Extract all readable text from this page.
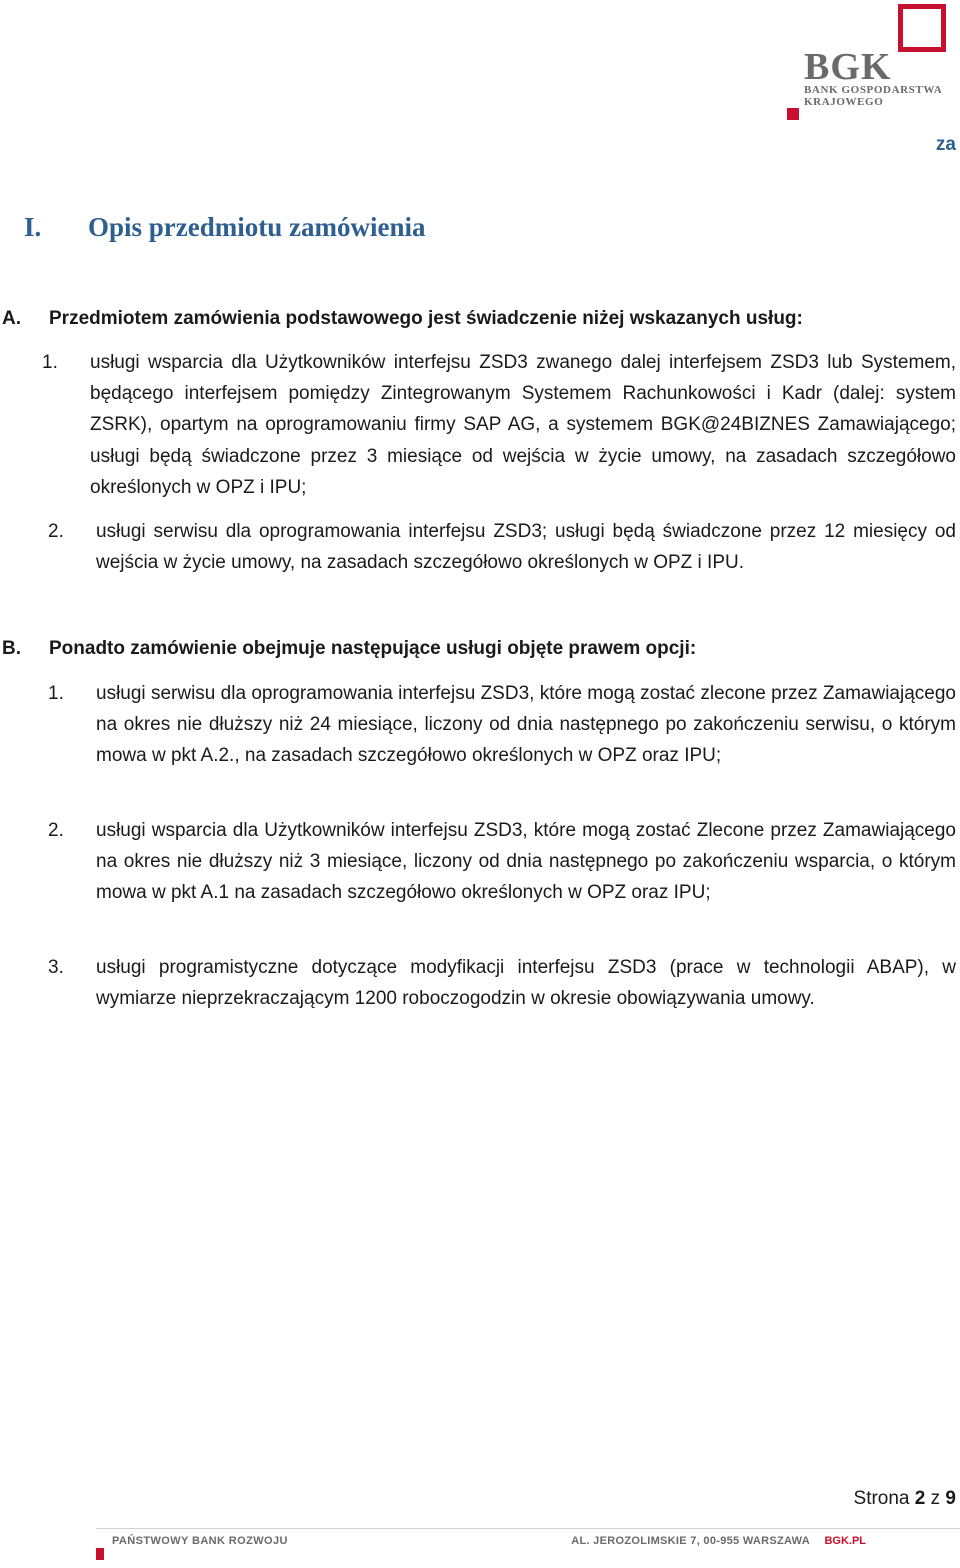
BGK
BANK GOSPODARSTWA
KRAJOWEGO
za
I.	Opis przedmiotu zamówienia
A.	Przedmiotem zamówienia podstawowego jest świadczenie niżej wskazanych usług:
1.	usługi wsparcia dla Użytkowników interfejsu ZSD3 zwanego dalej interfejsem ZSD3 lub Systemem, będącego interfejsem pomiędzy Zintegrowanym Systemem Rachunkowości i Kadr (dalej: system ZSRK), opartym na oprogramowaniu firmy SAP AG, a systemem BGK@24BIZNES Zamawiającego; usługi będą świadczone przez 3 miesiące od wejścia w życie umowy, na zasadach szczegółowo określonych w OPZ i IPU;
2.	usługi serwisu dla oprogramowania interfejsu ZSD3; usługi będą świadczone przez 12 miesięcy od wejścia w życie umowy, na zasadach szczegółowo określonych w OPZ i IPU.
B.	Ponadto zamówienie obejmuje następujące usługi objęte prawem opcji:
1.	usługi serwisu dla oprogramowania interfejsu ZSD3, które mogą zostać zlecone przez Zamawiającego na okres nie dłuższy niż 24 miesiące, liczony od dnia następnego po zakończeniu serwisu, o którym mowa w pkt A.2., na zasadach szczegółowo określonych w OPZ oraz IPU;
2.	usługi wsparcia dla Użytkowników interfejsu ZSD3, które mogą zostać Zlecone przez Zamawiającego na okres nie dłuższy niż 3 miesiące, liczony od dnia następnego po zakończeniu wsparcia, o którym mowa w pkt A.1 na zasadach szczegółowo określonych w OPZ oraz IPU;
3.	usługi programistyczne dotyczące modyfikacji interfejsu ZSD3 (prace w technologii ABAP), w wymiarze nieprzekraczającym 1200 roboczogodzin w okresie obowiązywania umowy.
Strona 2 z 9
PAŃSTWOWY BANK ROZWOJU	AL. JEROZOLIMSKIE 7, 00-955 WARSZAWA BGK.PL
